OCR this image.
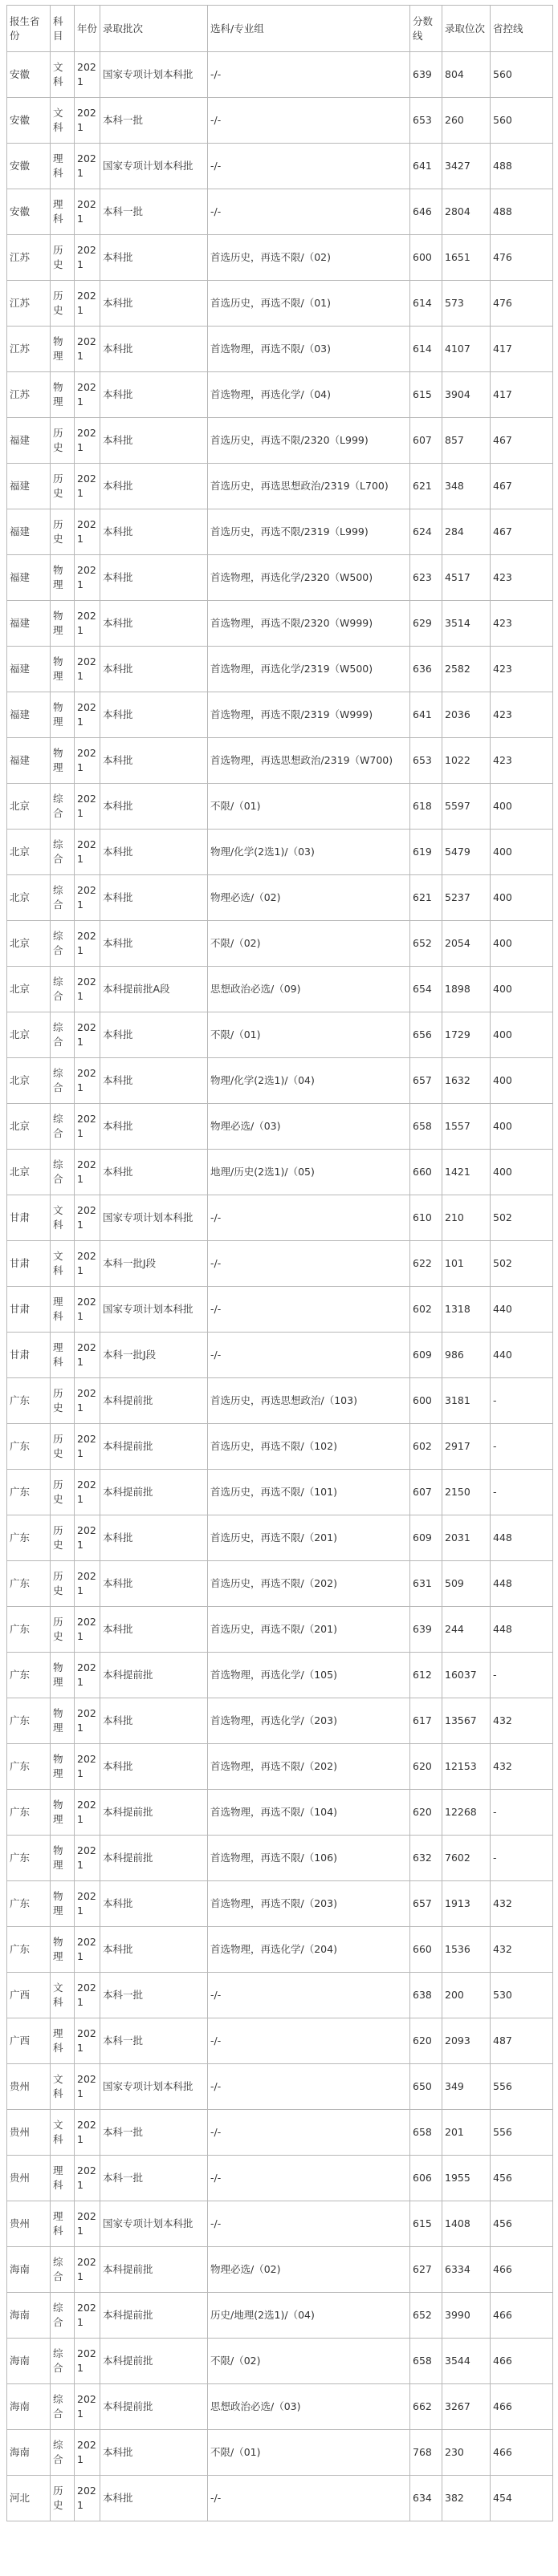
报生省份	科目	年份	录取批次	选科/专业组	分数线	录取位次	省控线
安徽	文科	2021	国家专项计划本科批	-/-	639	804	560
安徽	文科	2021	本科一批	-/-	653	260	560
安徽	理科	2021	国家专项计划本科批	-/-	641	3427	488
安徽	理科	2021	本科一批	-/-	646	2804	488
江苏	历史	2021	本科批	首选历史，再选不限/（02)	600	1651	476
江苏	历史	2021	本科批	首选历史，再选不限/（01)	614	573	476
江苏	物理	2021	本科批	首选物理，再选不限/（03)	614	4107	417
江苏	物理	2021	本科批	首选物理，再选化学/（04)	615	3904	417
福建	历史	2021	本科批	首选历史，再选不限/2320（L999)	607	857	467
福建	历史	2021	本科批	首选历史，再选思想政治/2319（L700)	621	348	467
福建	历史	2021	本科批	首选历史，再选不限/2319（L999)	624	284	467
福建	物理	2021	本科批	首选物理，再选化学/2320（W500)	623	4517	423
福建	物理	2021	本科批	首选物理，再选不限/2320（W999)	629	3514	423
福建	物理	2021	本科批	首选物理，再选化学/2319（W500)	636	2582	423
福建	物理	2021	本科批	首选物理，再选不限/2319（W999)	641	2036	423
福建	物理	2021	本科批	首选物理，再选思想政治/2319（W700)	653	1022	423
北京	综合	2021	本科批	不限/（01)	618	5597	400
北京	综合	2021	本科批	物理/化学(2选1)/（03)	619	5479	400
北京	综合	2021	本科批	物理必选/（02)	621	5237	400
北京	综合	2021	本科批	不限/（02)	652	2054	400
北京	综合	2021	本科提前批A段	思想政治必选/（09)	654	1898	400
北京	综合	2021	本科批	不限/（01)	656	1729	400
北京	综合	2021	本科批	物理/化学(2选1)/（04)	657	1632	400
北京	综合	2021	本科批	物理必选/（03)	658	1557	400
北京	综合	2021	本科批	地理/历史(2选1)/（05)	660	1421	400
甘肃	文科	2021	国家专项计划本科批	-/-	610	210	502
甘肃	文科	2021	本科一批J段	-/-	622	101	502
甘肃	理科	2021	国家专项计划本科批	-/-	602	1318	440
甘肃	理科	2021	本科一批J段	-/-	609	986	440
广东	历史	2021	本科提前批	首选历史，再选思想政治/（103)	600	3181	-
广东	历史	2021	本科提前批	首选历史，再选不限/（102)	602	2917	-
广东	历史	2021	本科提前批	首选历史，再选不限/（101)	607	2150	-
广东	历史	2021	本科批	首选历史，再选不限/（201)	609	2031	448
广东	历史	2021	本科批	首选历史，再选不限/（202)	631	509	448
广东	历史	2021	本科批	首选历史，再选不限/（201)	639	244	448
广东	物理	2021	本科提前批	首选物理，再选化学/（105)	612	16037	-
广东	物理	2021	本科批	首选物理，再选化学/（203)	617	13567	432
广东	物理	2021	本科批	首选物理，再选不限/（202)	620	12153	432
广东	物理	2021	本科提前批	首选物理，再选不限/（104)	620	12268	-
广东	物理	2021	本科提前批	首选物理，再选不限/（106)	632	7602	-
广东	物理	2021	本科批	首选物理，再选不限/（203)	657	1913	432
广东	物理	2021	本科批	首选物理，再选化学/（204)	660	1536	432
广西	文科	2021	本科一批	-/-	638	200	530
广西	理科	2021	本科一批	-/-	620	2093	487
贵州	文科	2021	国家专项计划本科批	-/-	650	349	556
贵州	文科	2021	本科一批	-/-	658	201	556
贵州	理科	2021	本科一批	-/-	606	1955	456
贵州	理科	2021	国家专项计划本科批	-/-	615	1408	456
海南	综合	2021	本科提前批	物理必选/（02)	627	6334	466
海南	综合	2021	本科提前批	历史/地理(2选1)/（04)	652	3990	466
海南	综合	2021	本科提前批	不限/（02)	658	3544	466
海南	综合	2021	本科提前批	思想政治必选/（03)	662	3267	466
海南	综合	2021	本科批	不限/（01)	768	230	466
河北	历史	2021	本科批	-/-	634	382	454
